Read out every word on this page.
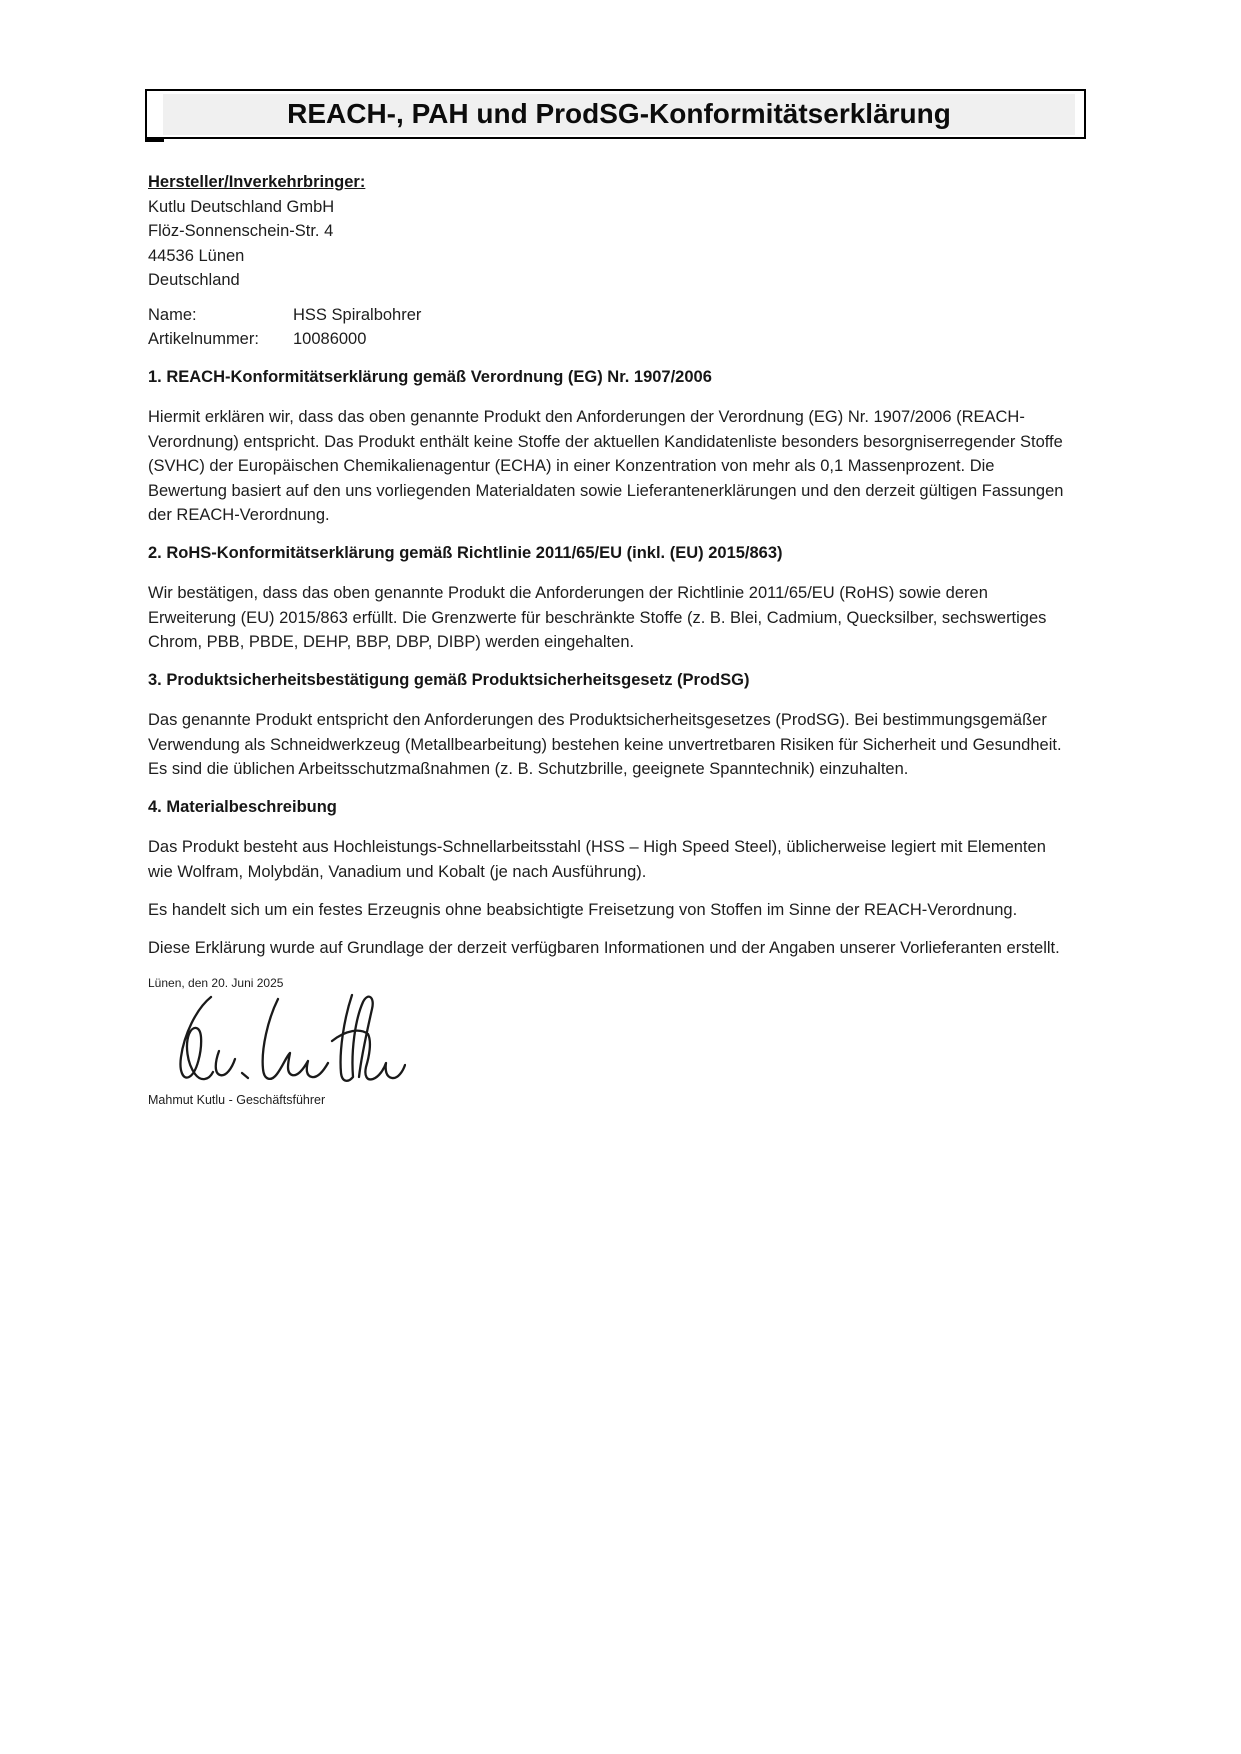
REACH-, PAH und ProdSG-Konformitätserklärung

Hersteller/Inverkehrbringer:

Kutlu Deutschland GmbH

Flöz-Sonnenschein-Str. 4

44536 Lünen

Deutschland

Name:	HSS Spiralbohrer
Artikelnummer:	10086000
1. REACH-Konformitätserklärung gemäß Verordnung (EG) Nr. 1907/2006

Hiermit erklären wir, dass das oben genannte Produkt den Anforderungen der Verordnung (EG) Nr. 1907/2006 (REACH-Verordnung) entspricht. Das Produkt enthält keine Stoffe der aktuellen Kandidatenliste besonders besorgniserregender Stoffe (SVHC) der Europäischen Chemikalienagentur (ECHA) in einer Konzentration von mehr als 0,1 Massenprozent. Die Bewertung basiert auf den uns vorliegenden Materialdaten sowie Lieferantenerklärungen und den derzeit gültigen Fassungen der REACH-Verordnung.

2. RoHS-Konformitätserklärung gemäß Richtlinie 2011/65/EU (inkl. (EU) 2015/863)

Wir bestätigen, dass das oben genannte Produkt die Anforderungen der Richtlinie 2011/65/EU (RoHS) sowie deren Erweiterung (EU) 2015/863 erfüllt. Die Grenzwerte für beschränkte Stoffe (z. B. Blei, Cadmium, Quecksilber, sechswertiges Chrom, PBB, PBDE, DEHP, BBP, DBP, DIBP) werden eingehalten.

3. Produktsicherheitsbestätigung gemäß Produktsicherheitsgesetz (ProdSG)

Das genannte Produkt entspricht den Anforderungen des Produktsicherheitsgesetzes (ProdSG). Bei bestimmungsgemäßer Verwendung als Schneidwerkzeug (Metallbearbeitung) bestehen keine unvertretbaren Risiken für Sicherheit und Gesundheit. Es sind die üblichen Arbeitsschutzmaßnahmen (z. B. Schutzbrille, geeignete Spanntechnik) einzuhalten.

4. Materialbeschreibung

Das Produkt besteht aus Hochleistungs-Schnellarbeitsstahl (HSS – High Speed Steel), üblicherweise legiert mit Elementen wie Wolfram, Molybdän, Vanadium und Kobalt (je nach Ausführung).

Es handelt sich um ein festes Erzeugnis ohne beabsichtigte Freisetzung von Stoffen im Sinne der REACH-Verordnung.

Diese Erklärung wurde auf Grundlage der derzeit verfügbaren Informationen und der Angaben unserer Vorlieferanten erstellt.

Lünen, den 20. Juni 2025

Mahmut Kutlu - Geschäftsführer
